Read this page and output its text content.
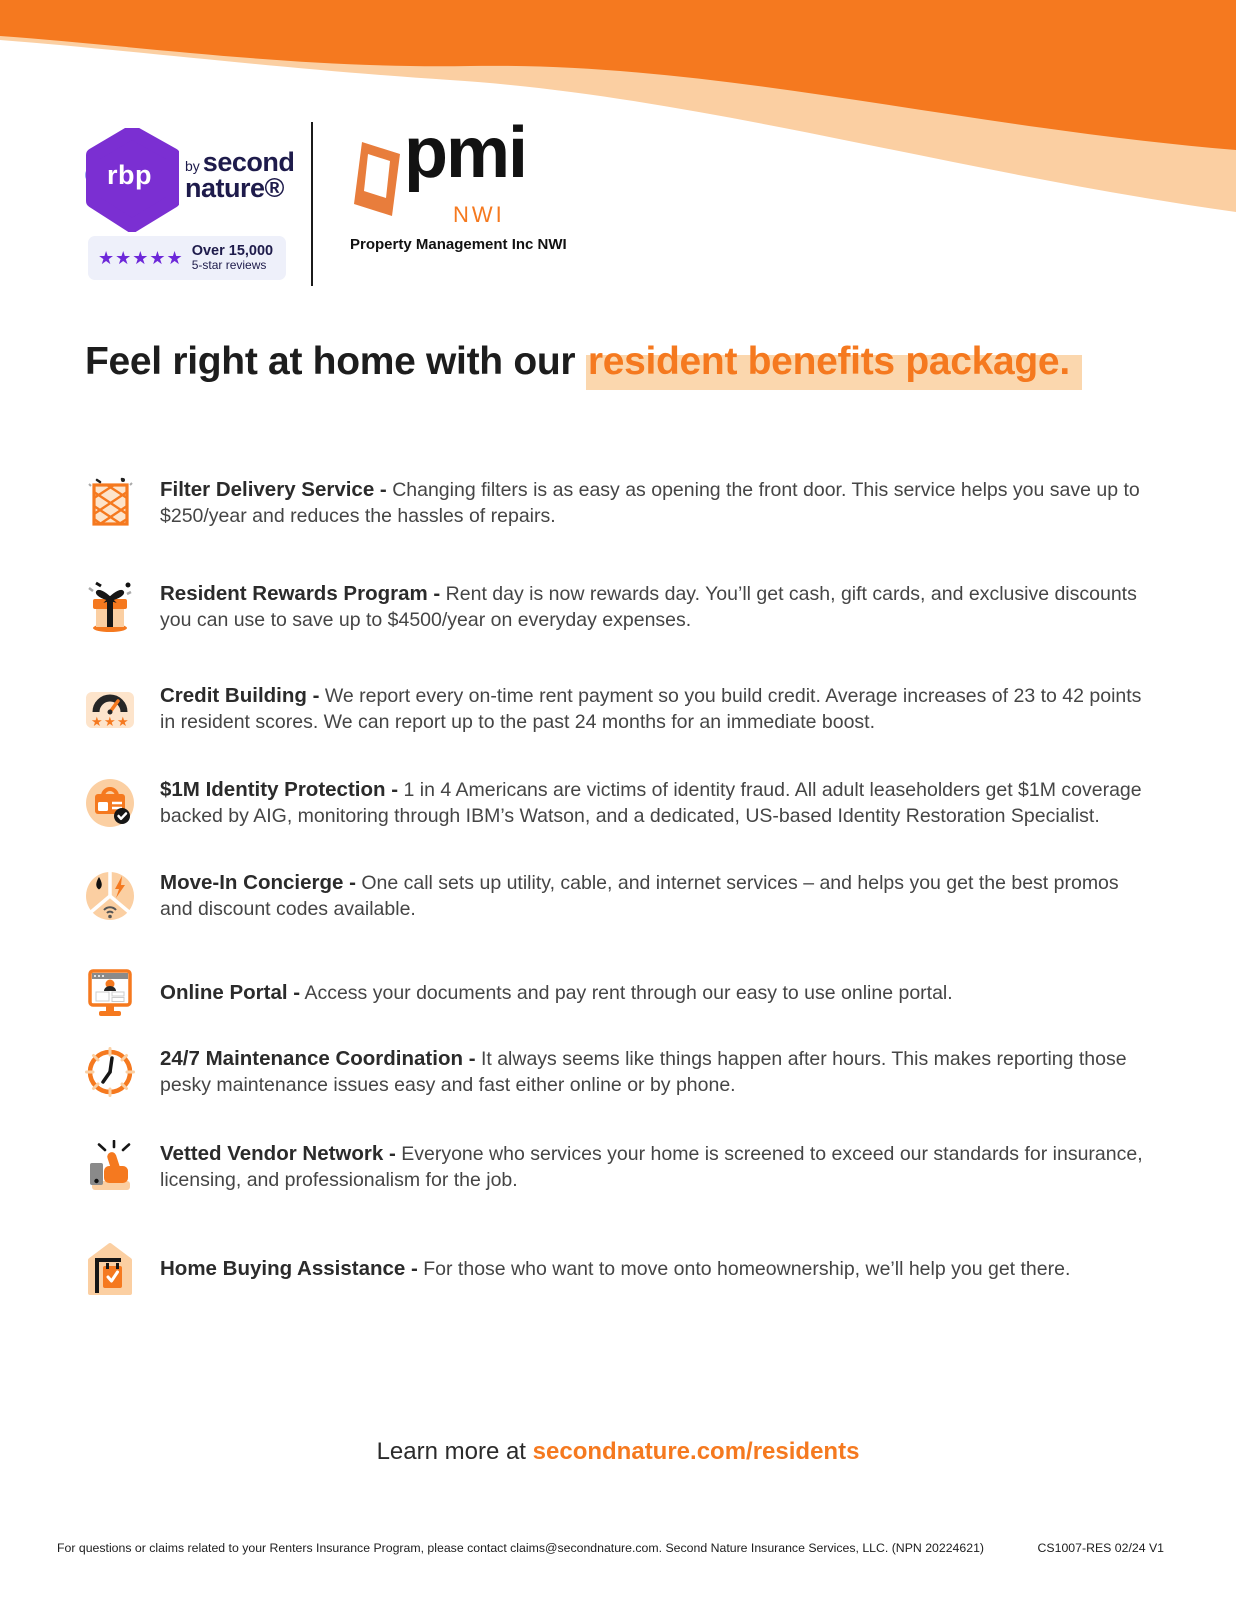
rbp by second
nature®
★★★★★ Over 15,000
5-star reviews
pmi
NWI
Property Management Inc NWI
Feel right at home with our resident benefits package.

Filter Delivery Service - Changing filters is as easy as opening the front door. This service helps you save up to $250/year and reduces the hassles of repairs.

Resident Rewards Program - Rent day is now rewards day. You’ll get cash, gift cards, and exclusive discounts you can use to save up to $4500/year on everyday expenses.

★ ★ ★

Credit Building - We report every on-time rent payment so you build credit. Average increases of 23 to 42 points in resident scores. We can report up to the past 24 months for an immediate boost.

$1M Identity Protection - 1 in 4 Americans are victims of identity fraud. All adult leaseholders get $1M coverage backed by AIG, monitoring through IBM’s Watson, and a dedicated, US-based Identity Restoration Specialist.

Move-In Concierge - One call sets up utility, cable, and internet services – and helps you get the best promos and discount codes available.

Online Portal - Access your documents and pay rent through our easy to use online portal.

24/7 Maintenance Coordination - It always seems like things happen after hours. This makes reporting those pesky maintenance issues easy and fast either online or by phone.

Vetted Vendor Network - Everyone who services your home is screened to exceed our standards for insurance, licensing, and professionalism for the job.

Home Buying Assistance - For those who want to move onto homeownership, we’ll help you get there.

Learn more at secondnature.com/residents
For questions or claims related to your Renters Insurance Program, please contact claims@secondnature.com. Second Nature Insurance Services, LLC. (NPN 20224621)	CS1007-RES 02/24 V1
